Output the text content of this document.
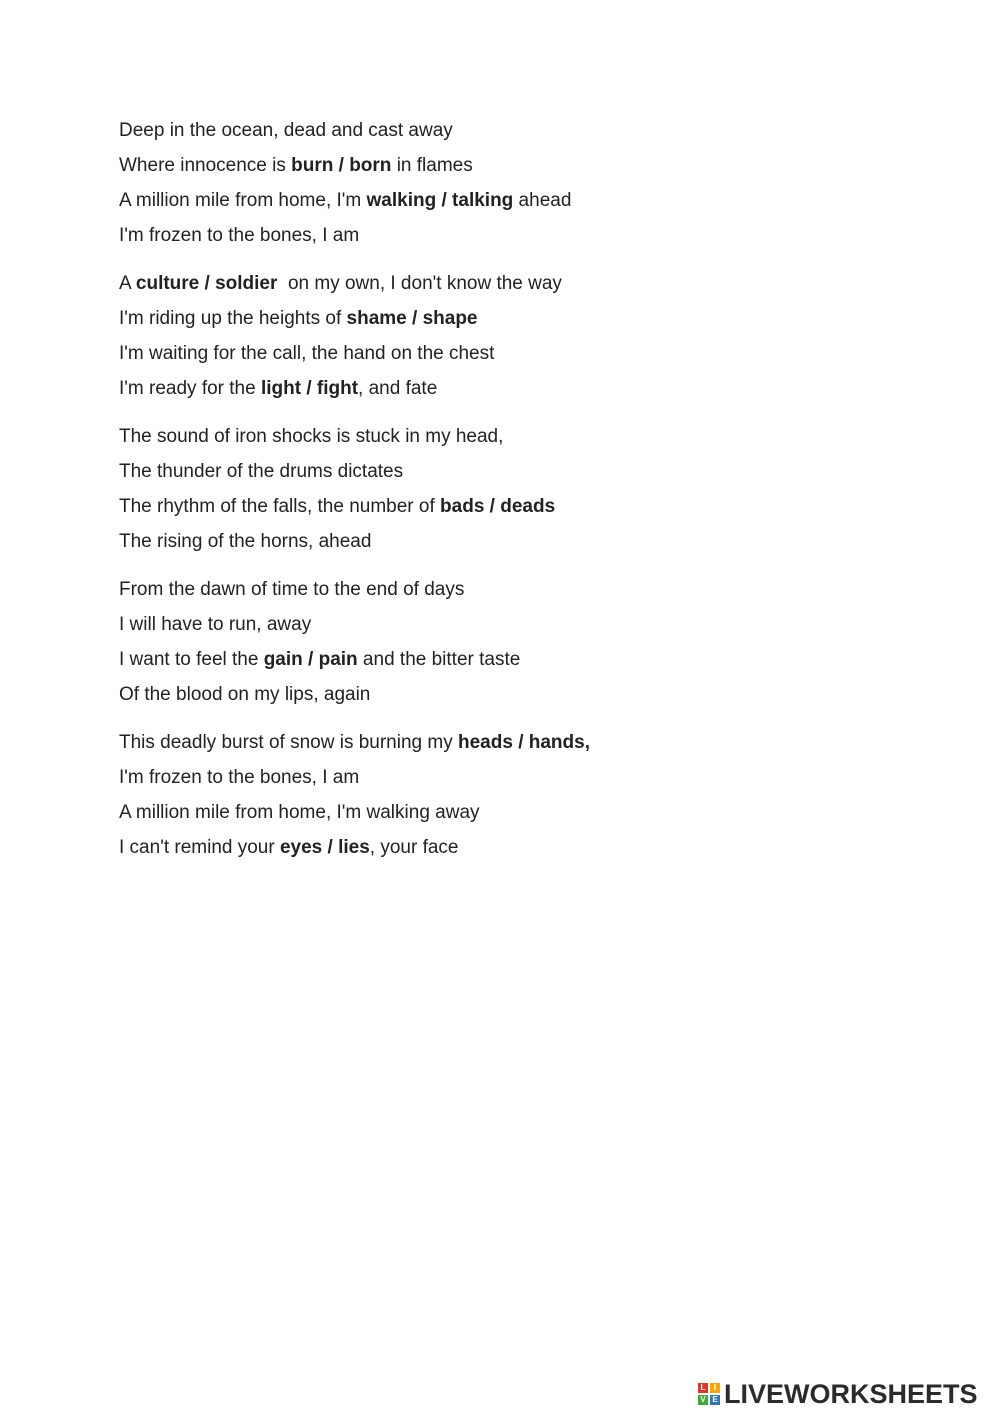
Deep in the ocean, dead and cast away
Where innocence is burn / born in flames
A million mile from home, I'm walking / talking ahead
I'm frozen to the bones, I am
A culture / soldier  on my own, I don't know the way
I'm riding up the heights of shame / shape
I'm waiting for the call, the hand on the chest
I'm ready for the light / fight, and fate
The sound of iron shocks is stuck in my head,
The thunder of the drums dictates
The rhythm of the falls, the number of bads / deads
The rising of the horns, ahead
From the dawn of time to the end of days
I will have to run, away
I want to feel the gain / pain and the bitter taste
Of the blood on my lips, again
This deadly burst of snow is burning my heads / hands,
I'm frozen to the bones, I am
A million mile from home, I'm walking away
I can't remind your eyes / lies, your face
L	I
V E LIVEWORKSHEETS
